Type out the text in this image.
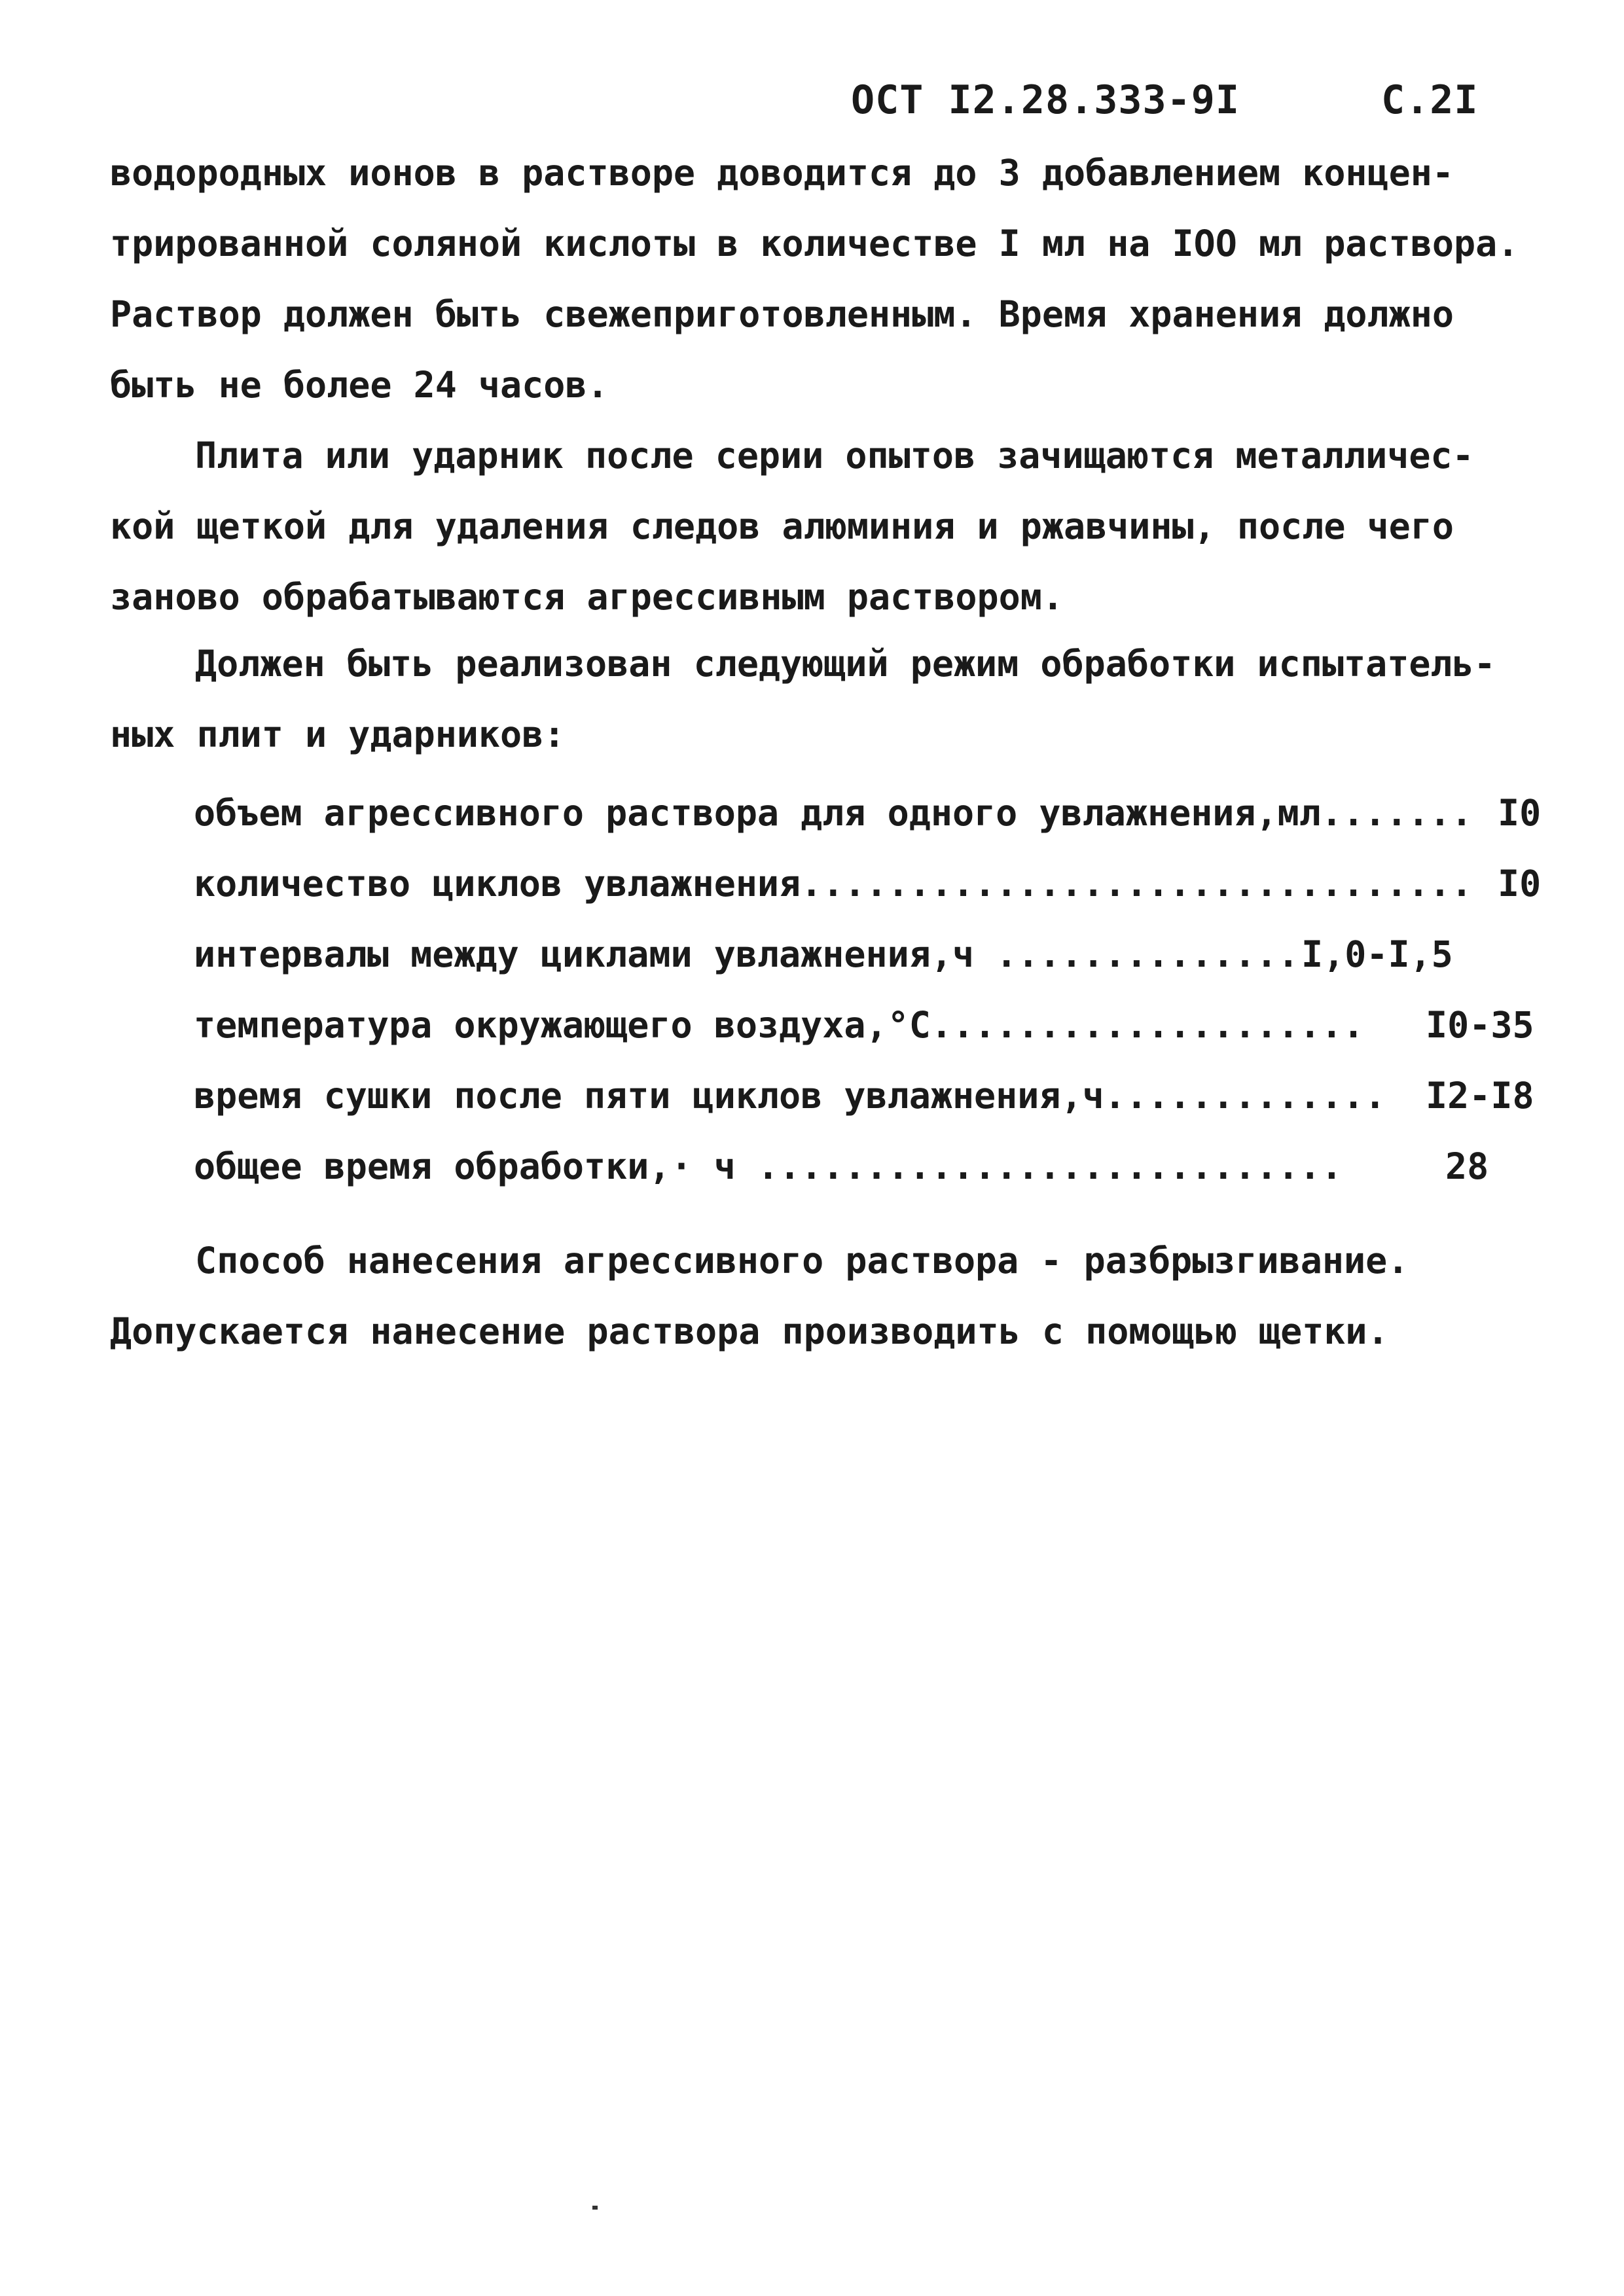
ОСТ I2.28.333-9I	С.2I
водородных ионов в растворе доводится до 3 добавлением концен-
трированной соляной кислоты в количестве I мл на IОО мл раствора.
Раствор должен быть свежеприготовленным. Время хранения должно
быть не более 24 часов.
Плита или ударник после серии опытов зачищаются металличес-
кой щеткой для удаления следов алюминия и ржавчины, после чего
заново обрабатываются агрессивным раствором.
Должен быть реализован следующий режим обработки испытатель-
ных плит и ударников:
объем агрессивного раствора для одного увлажнения,мл....... I0
количество циклов увлажнения............................... I0
интервалы между циклами увлажнения,ч .............. I,0-I,5
температура окружающего воздуха,°С.................... I0-35
время сушки после пяти циклов увлажнения,ч............. I2-I8
общее время обработки,· ч ...........................	28
Способ нанесения агрессивного раствора - разбрызгивание.
Допускается нанесение раствора производить с помощью щетки.
